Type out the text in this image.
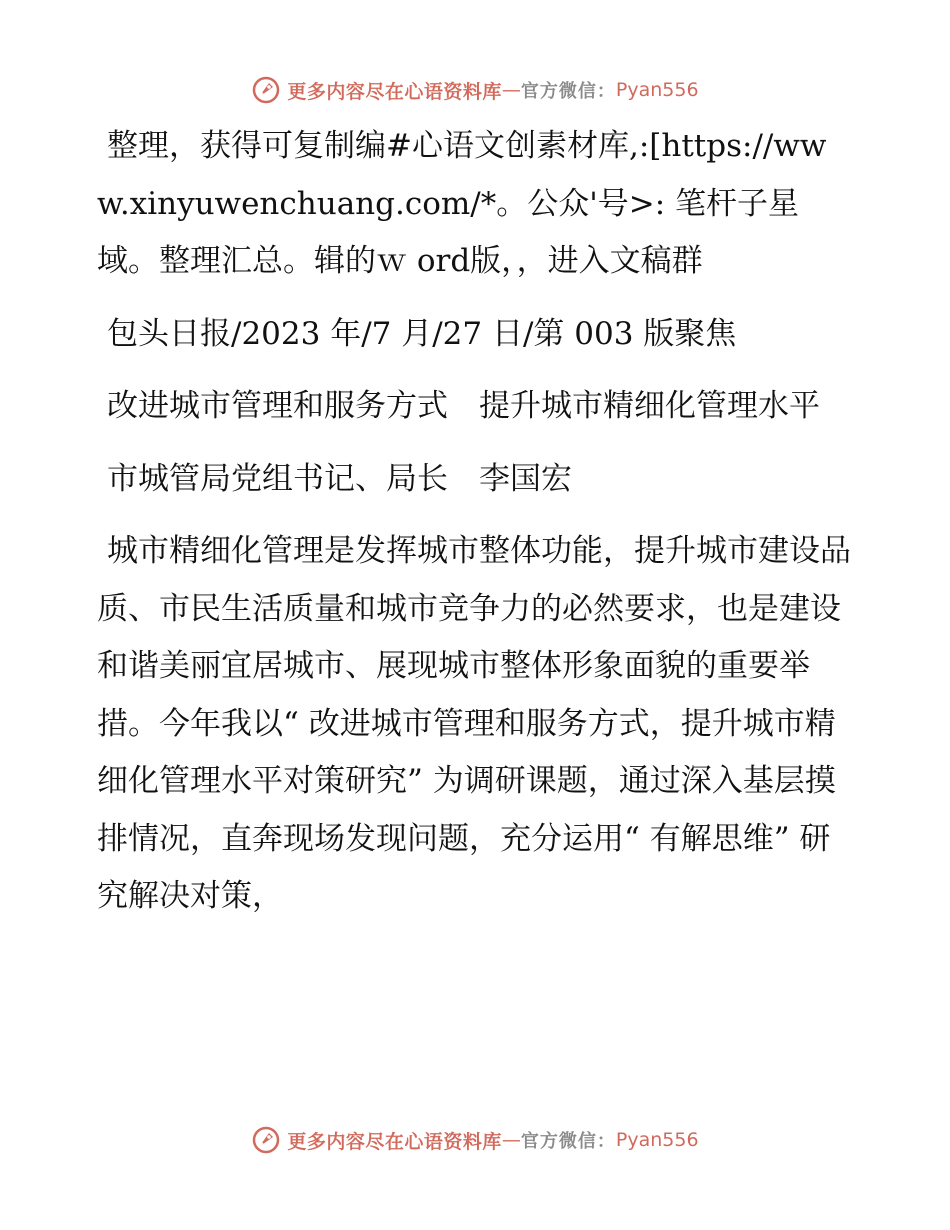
更多内容尽在心语资料库 — 官方微信： Pyan556

整理，获得可复制编#心语文创素材库,:[https://www.xinyuwenchuang.com/*。公众'号>: 笔杆子星域。整理汇总。辑的ｗ ord版，，进入文稿群

包头日报/2023 年/7 月/27 日/第 003 版聚焦

改进城市管理和服务方式　提升城市精细化管理水平

市城管局党组书记、局长　李国宏

城市精细化管理是发挥城市整体功能，提升城市建设品质、市民生活质量和城市竞争力的必然要求，也是建设和谐美丽宜居城市、展现城市整体形象面貌的重要举措。今年我以“ 改进城市管理和服务方式，提升城市精细化管理水平对策研究” 为调研课题，通过深入基层摸排情况，直奔现场发现问题，充分运用“ 有解思维” 研究解决对策，

更多内容尽在心语资料库 — 官方微信： Pyan556
